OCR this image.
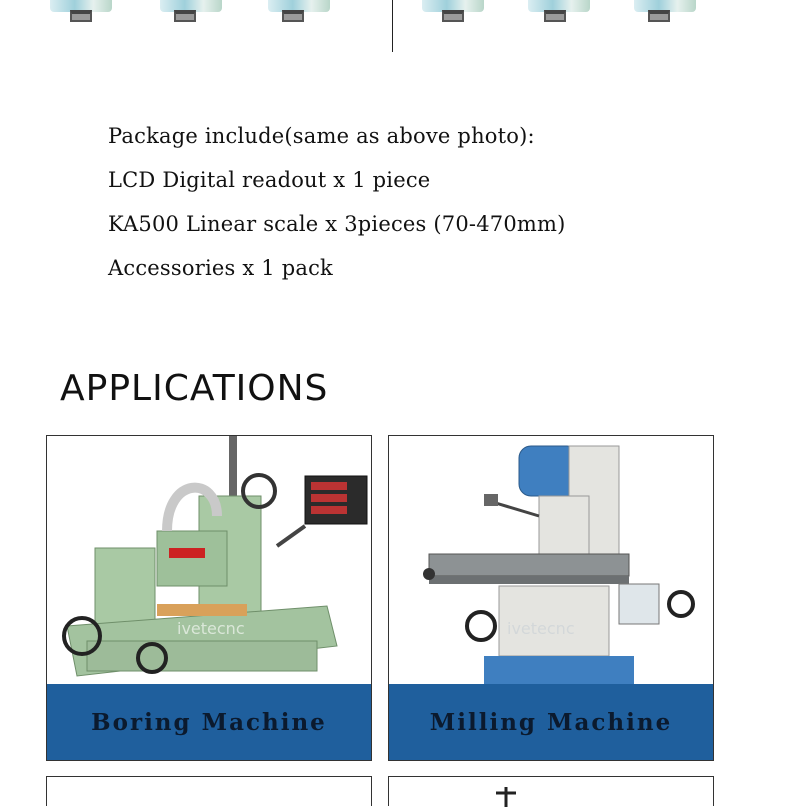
Package include(same as above photo):
LCD Digital readout x 1 piece
KA500 Linear scale x 3pieces (70-470mm)
Accessories x 1 pack
APPLICATIONS
ivetecnc
Boring Machine
ivetecnc
Milling Machine
